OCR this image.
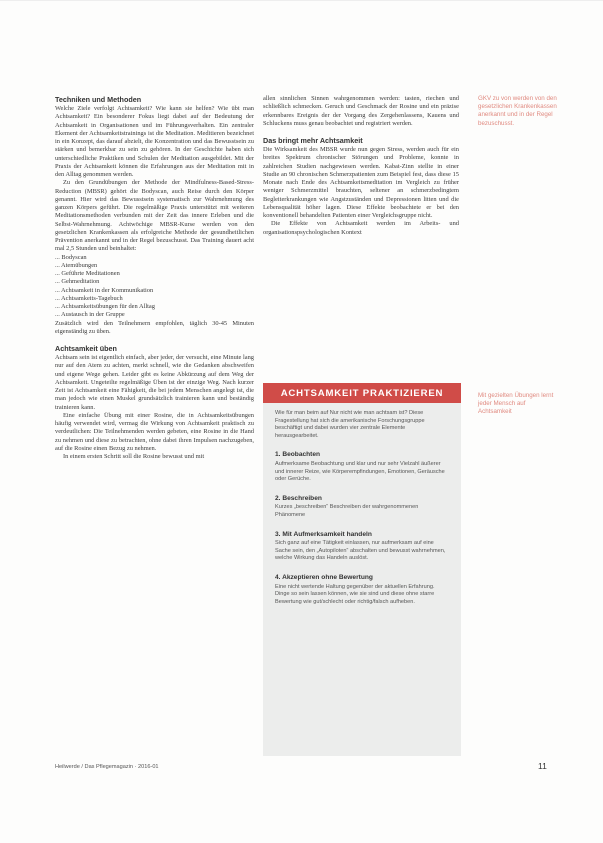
Techniken und Methoden

Welche Ziele verfolgt Achtsamkeit? Wie kann sie helfen? Wie übt man Achtsamkeit? Ein besonderer Fokus liegt dabei auf der Bedeutung der Achtsamkeit in Organisationen und im Führungsverhalten. Ein zentraler Ekement der Achtsamkeitstrainings ist die Meditation. Meditieren bezeichnet in ein Konzept, das darauf abzielt, die Konzentration und das Bewusstsein zu stärken und bemerkbar zu sein zu gehören. In der Geschichte haben sich unterschiedliche Praktiken und Schulen der Meditation ausgebildet. Mit der Praxis der Achtsamkeit können die Erfahrungen aus der Meditation mit in den Alltag genommen werden.

Zu den Grundübungen der Methode der Mindfulness-Based-Stress-Reduction (MBSR) gehört die Bodyscan, auch Reise durch den Körper genannt. Hier wird das Bewusstsein systematisch zur Wahrnehmung des ganzen Körpers geführt. Die regelmäßige Praxis unterstützt mit weiteren Meditationsmethoden verbunden mit der Zeit das innere Erleben und die Selbst-Wahrnehmung. Achtwöchige MBSR-Kurse werden von den gesetzlichen Krankenkassen als erfolgreiche Methode der gesundheitlichen Prävention anerkannt und in der Regel bezuschusst. Das Training dauert acht mal 2,5 Stunden und beinhaltet:

... Bodyscan
... Atemübungen
... Geführte Meditationen
... Gehmeditation
... Achtsamkeit in der Kommunikation
... Achtsamkeits-Tagebuch
... Achtsamkeitsübungen für den Alltag
... Austausch in der Gruppe

Zusätzlich wird den Teilnehmern empfohlen, täglich 30-45 Minuten eigenständig zu üben.

Achtsamkeit üben

Achtsam sein ist eigentlich einfach, aber jeder, der versucht, eine Minute lang nur auf den Atem zu achten, merkt schnell, wie die Gedanken abschweifen und eigene Wege gehen. Leider gibt es keine Abkürzung auf dem Weg der Achtsamkeit. Ungeteilte regelmäßige Üben ist der einzige Weg. Nach kurzer Zeit ist Achtsamkeit eine Fähigkeit, die bei jedem Menschen angelegt ist, die man jedoch wie einen Muskel grundsätzlich trainieren kann und beständig trainieren kann.

Eine einfache Übung mit einer Rosine, die in Achtsamkeitsübungen häufig verwendet wird, vermag die Wirkung von Achtsamkeit praktisch zu verdeutlichen: Die Teilnehmenden werden gebeten, eine Rosine in die Hand zu nehmen und diese zu betrachten, ohne dabei ihren Impulsen nachzugeben, auf die Rosine einen Bezug zu nehmen.

In einem ersten Schritt soll die Rosine bewusst und mit

allen sinnlichen Sinnen wahrgenommen werden: tasten, riechen und schließlich schmecken. Geruch und Geschmack der Rosine und ein präzise erkennbares Ereignis der der Vorgang des Zergehenlassens, Kauens und Schluckens muss genau beobachtet und registriert werden.

Das bringt mehr Achtsamkeit

Die Wirksamkeit des MBSR wurde nun gegen Stress, werden auch für ein breites Spektrum chronischer Störungen und Probleme, konnte in zahlreichen Studien nachgewiesen werden. Kabat-Zinn stellte in einer Studie an 90 chronischen Schmerzpatienten zum Beispiel fest, dass diese 15 Monate nach Ende des Achtsamkeitsmeditation im Vergleich zu früher weniger Schmerzmittel brauchten, seltener an schmerzbedingtem Begleiterkrankungen wie Angstzuständen und Depressionen litten und die Lebensqualität höher lagen. Diese Effekte beobachtete er bei den konventionell behandelten Patienten einer Vergleichsgruppe nicht.

Die Effekte von Achtsamkeit werden im Arbeits- und organisationspsychologischen Kontext

GKV zu von werden von den gesetzlichen Krankenkassen anerkannt und in der Regel bezuschusst.
Mit gezielten Übungen lernt jeder Mensch auf Achtsamkeit
ACHTSAMKEIT PRAKTIZIEREN

Wie für man beim auf Nur nicht wie man achtsam ist? Diese Fragestellung hat sich die amerikanische Forschungsgruppe beschäftigt und dabei wurden vier zentrale Elemente herausgearbeitet.

1. Beobachten

Aufmerksame Beobachtung und klar und nur sehr Vielzahl äußerer und innerer Reize, wie Körperempfindungen, Emotionen, Geräusche oder Gerüche.

2. Beschreiben

Kurzes „beschreiben“ Beschreiben der wahrgenommenen Phänomene

3. Mit Aufmerksamkeit handeln

Sich ganz auf eine Tätigkeit einlassen, nur aufmerksam auf eine Sache sein, den „Autopiloten“ abschalten und bewusst wahrnehmen, welche Wirkung das Handeln auslöst.

4. Akzeptieren ohne Bewertung

Eine nicht wertende Haltung gegenüber der aktuellen Erfahrung. Dinge so sein lassen können, wie sie sind und diese ohne starre Bewertung wie gut/schlecht oder richtig/falsch aufheben.

Heilwerde / Das Pflegemagazin · 2016-01	11
